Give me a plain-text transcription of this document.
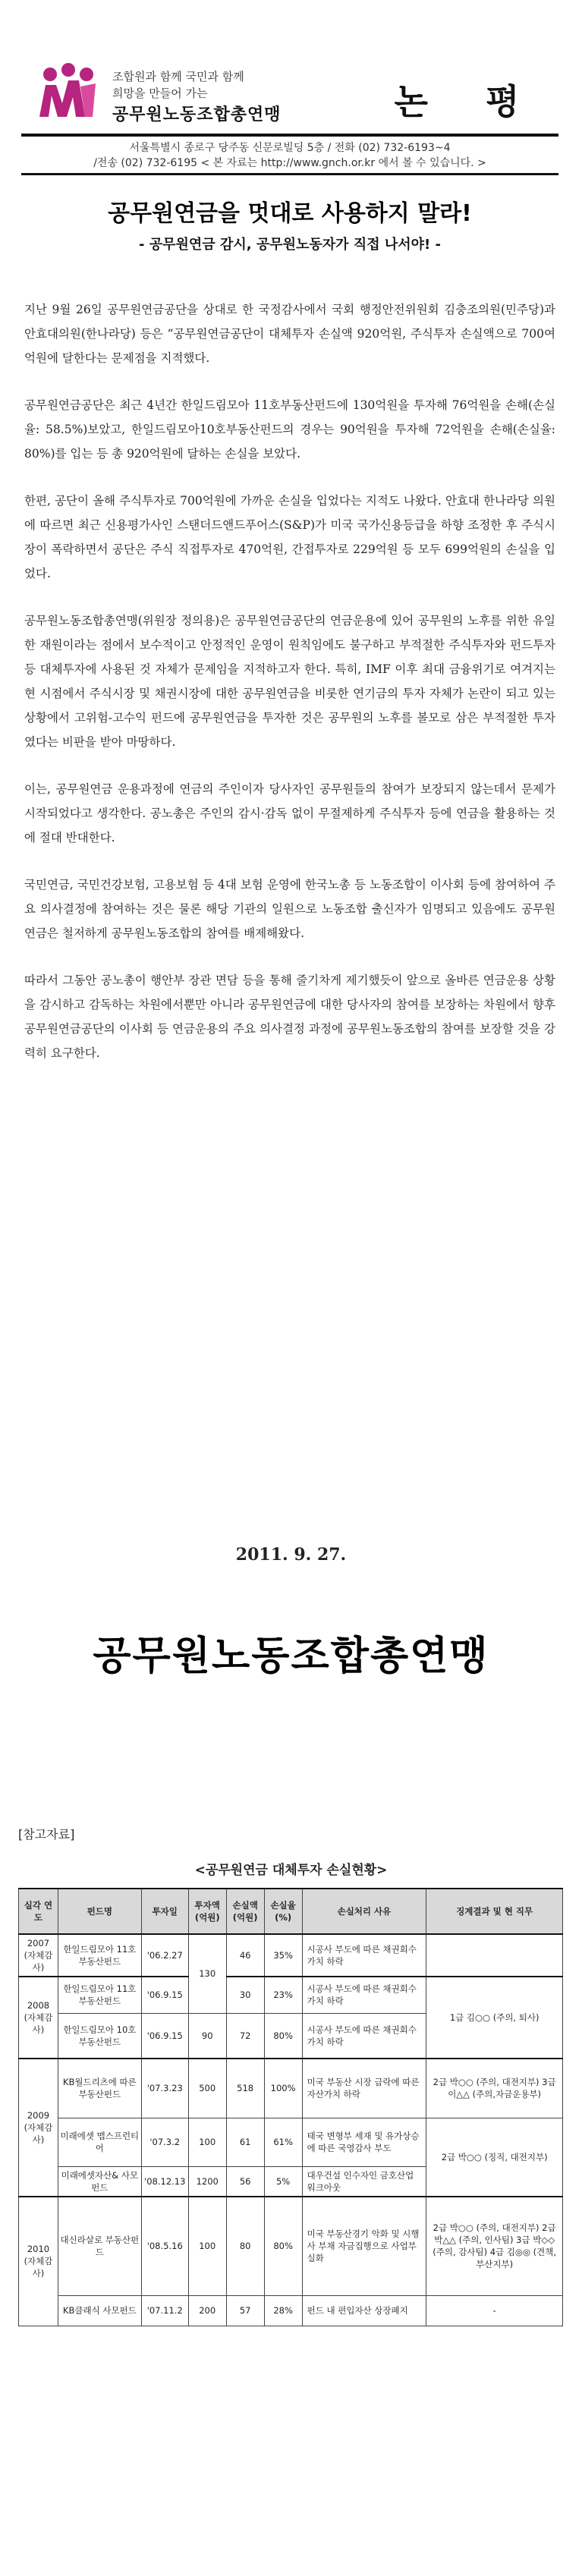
조합원과 함께 국민과 함께
희망을 만들어 가는
공무원노동조합총연맹	논 평
서울특별시 종로구 당주동 신문로빌딩 5층 / 전화 (02) 732-6193~4
/전송 (02) 732-6195 < 본 자료는 http://www.gnch.or.kr 에서 볼 수 있습니다. >
공무원연금을 멋대로 사용하지 말라!
- 공무원연금 감시, 공무원노동자가 직접 나서야! -

지난 9월 26일 공무원연금공단을 상대로 한 국정감사에서 국회 행정안전위원회 김충조의원(민주당)과 안효대의원(한나라당) 등은 “공무원연금공단이 대체투자 손실액 920억원, 주식투자 손실액으로 700여억원에 달한다는 문제점을 지적했다.

공무원연금공단은 최근 4년간 한일드림모아 11호부동산펀드에 130억원을 투자해 76억원을 손해(손실율: 58.5%)보았고, 한일드림모아10호부동산펀드의 경우는 90억원을 투자해 72억원을 손해(손실율: 80%)를 입는 등 총 920억원에 달하는 손실을 보았다.

한편, 공단이 올해 주식투자로 700억원에 가까운 손실을 입었다는 지적도 나왔다. 안효대 한나라당 의원에 따르면 최근 신용평가사인 스탠더드앤드푸어스(S&P)가 미국 국가신용등급을 하향 조정한 후 주식시장이 폭락하면서 공단은 주식 직접투자로 470억원, 간접투자로 229억원 등 모두 699억원의 손실을 입었다.

공무원노동조합총연맹(위원장 정의용)은 공무원연금공단의 연금운용에 있어 공무원의 노후를 위한 유일한 재원이라는 점에서 보수적이고 안정적인 운영이 원칙임에도 불구하고 부적절한 주식투자와 펀드투자 등 대체투자에 사용된 것 자체가 문제임을 지적하고자 한다. 특히, IMF 이후 최대 금융위기로 여겨지는 현 시점에서 주식시장 및 채권시장에 대한 공무원연금을 비롯한 연기금의 투자 자체가 논란이 되고 있는 상황에서 고위험-고수익 펀드에 공무원연금을 투자한 것은 공무원의 노후를 볼모로 삼은 부적절한 투자였다는 비판을 받아 마땅하다.

이는, 공무원연금 운용과정에 연금의 주인이자 당사자인 공무원들의 참여가 보장되지 않는데서 문제가 시작되었다고 생각한다. 공노총은 주인의 감시·감독 없이 무절제하게 주식투자 등에 연금을 활용하는 것에 절대 반대한다.

국민연금, 국민건강보험, 고용보험 등 4대 보험 운영에 한국노총 등 노동조합이 이사회 등에 참여하여 주요 의사결정에 참여하는 것은 물론 해당 기관의 일원으로 노동조합 출신자가 임명되고 있음에도 공무원연금은 철저하게 공무원노동조합의 참여를 배제해왔다.

따라서 그동안 공노총이 행안부 장관 면담 등을 통해 줄기차게 제기했듯이 앞으로 올바른 연금운용 상황을 감시하고 감독하는 차원에서뿐만 아니라 공무원연금에 대한 당사자의 참여를 보장하는 차원에서 향후 공무원연금공단의 이사회 등 연금운용의 주요 의사결정 과정에 공무원노동조합의 참여를 보장할 것을 강력히 요구한다.

2011. 9. 27.
공무원노동조합총연맹
[참고자료]
<공무원연금 대체투자 손실현황>
실각 연도	펀드명	투자일	투자액 (억원)	손실액 (억원)	손실율 (%)	손실처리 사유	징계결과 및 현 직무
2007 (자체감사)	한일드림모아 11호부동산펀드	'06.2.27	130	46	35%	시공사 부도에 따른 채권회수가치 하락	
2008 (자체감사)	한일드림모아 11호부동산펀드	'06.9.15		30	23%	시공사 부도에 따른 채권회수가치 하락	1급 김○○ (주의, 퇴사)
	한일드림모아 10호부동산펀드	'06.9.15	90	72	80%	시공사 부도에 따른 채권회수가치 하락	
2009 (자체감사)	KB월드리츠에 따른 부동산펀드	'07.3.23	500	518	100%	미국 부동산 시장 급락에 따른 자산가치 하락	2급 박○○ (주의, 대전지부) 3급 이△△ (주의,자금운용부)
	미래에셋 맵스프런티어	'07.3.2	100	61	61%	태국 변형부 세재 및 유가상승에 따른 국영감사 부도	2급 박○○ (징직, 대전지부)
	미래에셋자산& 사모펀드	'08.12.13	1200	56	5%	대우건설 인수자인 금호산업 워크아웃	
2010 (자체감사)	대신라살로 부동산펀드	'08.5.16	100	80	80%	미국 부동산경기 악화 및 시행사 부채 자금집행으로 사업부실화	2급 박○○ (주의, 대전지부) 2급 박△△ (주의, 인사팀) 3급 박◇◇ (주의, 감사팀) 4급 김◎◎ (견책, 부산지부)
	KB클래식 사모펀드	'07.11.2	200	57	28%	펀드 내 편입자산 상장폐지	-
